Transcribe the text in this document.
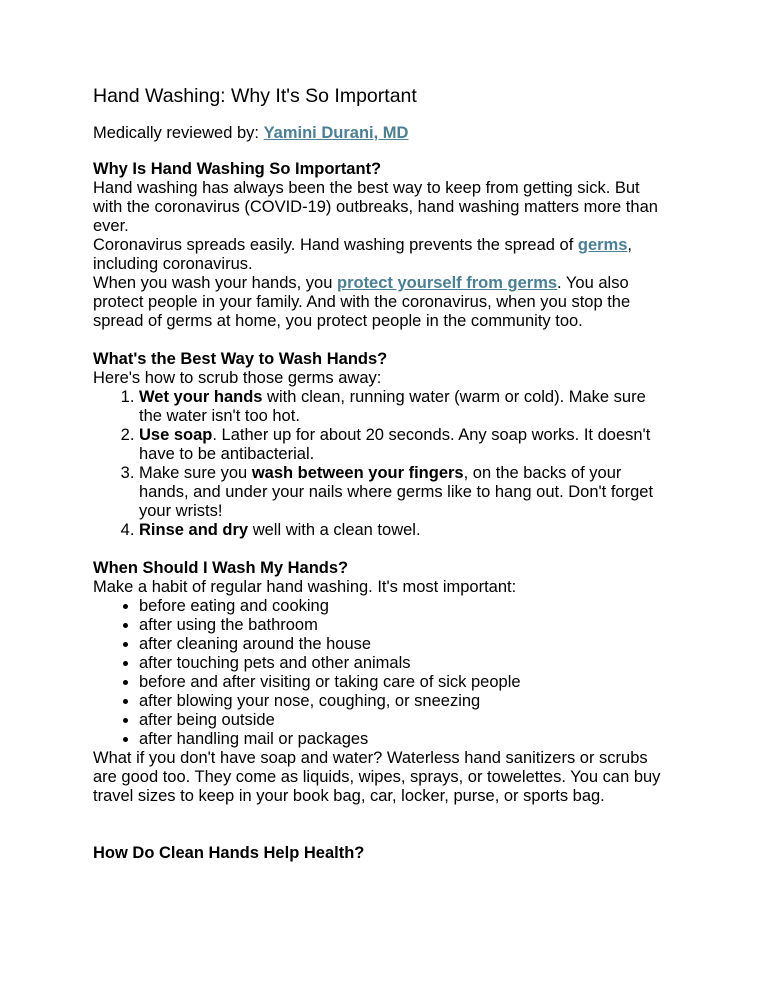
Hand Washing: Why It's So Important

Medically reviewed by: Yamini Durani, MD

Why Is Hand Washing So Important?

Hand washing has always been the best way to keep from getting sick. But with the coronavirus (COVID-19) outbreaks, hand washing matters more than ever.

Coronavirus spreads easily. Hand washing prevents the spread of germs, including coronavirus.

When you wash your hands, you protect yourself from germs. You also protect people in your family. And with the coronavirus, when you stop the spread of germs at home, you protect people in the community too.

What's the Best Way to Wash Hands?

Here's how to scrub those germs away:

1. Wet your hands with clean, running water (warm or cold). Make sure the water isn't too hot.
2. Use soap. Lather up for about 20 seconds. Any soap works. It doesn't have to be antibacterial.
3. Make sure you wash between your fingers, on the backs of your hands, and under your nails where germs like to hang out. Don't forget your wrists!
4. Rinse and dry well with a clean towel.
When Should I Wash My Hands?

Make a habit of regular hand washing. It's most important:

• before eating and cooking
• after using the bathroom
• after cleaning around the house
• after touching pets and other animals
• before and after visiting or taking care of sick people
• after blowing your nose, coughing, or sneezing
• after being outside
• after handling mail or packages

What if you don't have soap and water? Waterless hand sanitizers or scrubs are good too. They come as liquids, wipes, sprays, or towelettes. You can buy travel sizes to keep in your book bag, car, locker, purse, or sports bag.

How Do Clean Hands Help Health?
